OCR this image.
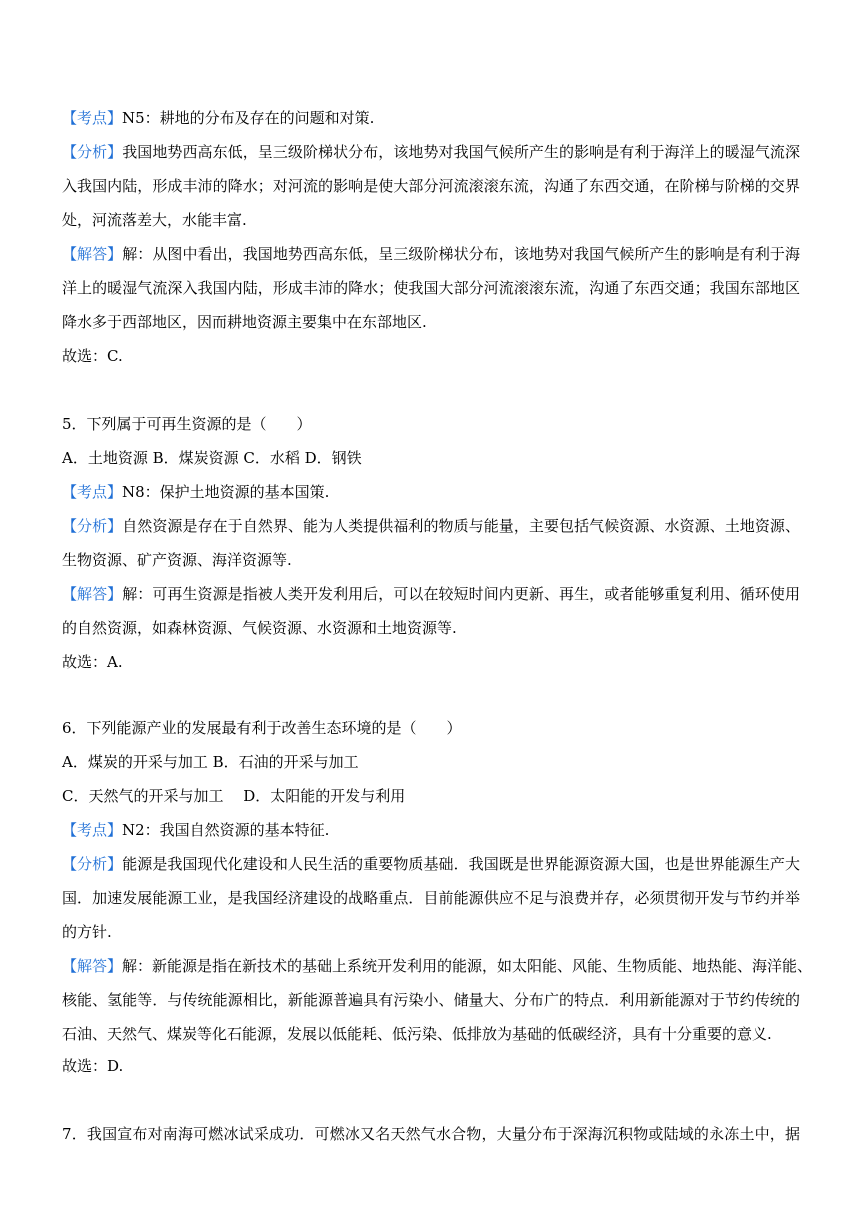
【考点】N5：耕地的分布及存在的问题和对策.
【分析】我国地势西高东低，呈三级阶梯状分布，该地势对我国气候所产生的影响是有利于海洋上的暖湿气流深
入我国内陆，形成丰沛的降水；对河流的影响是使大部分河流滚滚东流，沟通了东西交通，在阶梯与阶梯的交界
处，河流落差大，水能丰富.
【解答】解：从图中看出，我国地势西高东低，呈三级阶梯状分布，该地势对我国气候所产生的影响是有利于海
洋上的暖湿气流深入我国内陆，形成丰沛的降水；使我国大部分河流滚滚东流，沟通了东西交通；我国东部地区
降水多于西部地区，因而耕地资源主要集中在东部地区.
故选：C.
5．下列属于可再生资源的是（　　）
A．土地资源 B．煤炭资源 C．水稻 D．钢铁
【考点】N8：保护土地资源的基本国策.
【分析】自然资源是存在于自然界、能为人类提供福利的物质与能量，主要包括气候资源、水资源、土地资源、
生物资源、矿产资源、海洋资源等.
【解答】解：可再生资源是指被人类开发利用后，可以在较短时间内更新、再生，或者能够重复利用、循环使用
的自然资源，如森林资源、气候资源、水资源和土地资源等.
故选：A.
6．下列能源产业的发展最有利于改善生态环境的是（　　）
A．煤炭的开采与加工 B．石油的开采与加工
C．天然气的开采与加工　 D．太阳能的开发与利用
【考点】N2：我国自然资源的基本特征.
【分析】能源是我国现代化建设和人民生活的重要物质基础．我国既是世界能源资源大国，也是世界能源生产大
国．加速发展能源工业，是我国经济建设的战略重点．目前能源供应不足与浪费并存，必须贯彻开发与节约并举
的方针.
【解答】解：新能源是指在新技术的基础上系统开发利用的能源，如太阳能、风能、生物质能、地热能、海洋能、
核能、氢能等．与传统能源相比，新能源普遍具有污染小、储量大、分布广的特点．利用新能源对于节约传统的
石油、天然气、煤炭等化石能源，发展以低能耗、低污染、低排放为基础的低碳经济，具有十分重要的意义.
故选：D.
7．我国宣布对南海可燃冰试采成功．可燃冰又名天然气水合物，大量分布于深海沉积物或陆域的永冻土中，据
